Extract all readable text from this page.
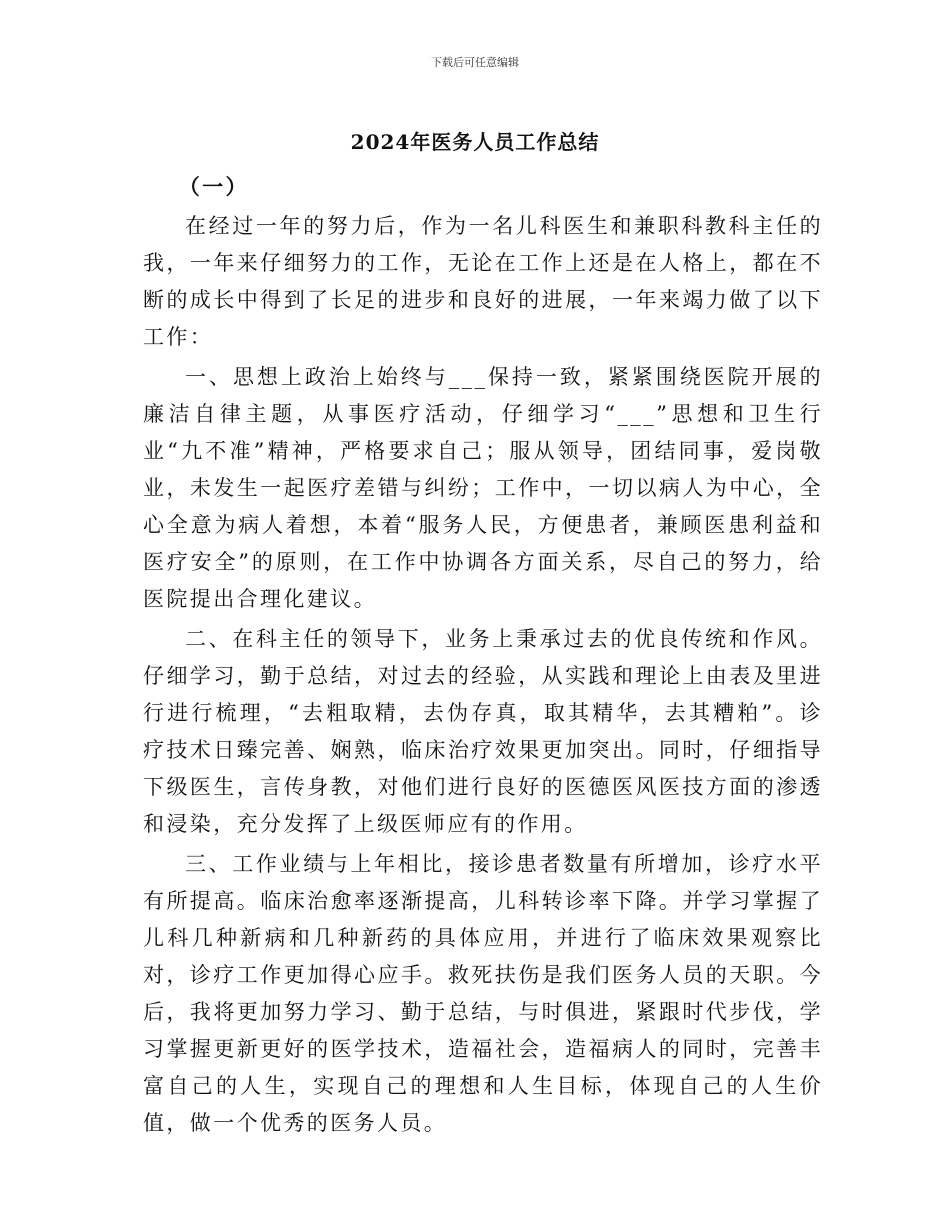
下载后可任意编辑
2024年医务人员工作总结

（一）

在经过一年的努力后，作为一名儿科医生和兼职科教科主任的我，一年来仔细努力的工作，无论在工作上还是在人格上，都在不断的成长中得到了长足的进步和良好的进展，一年来竭力做了以下工作：

一、思想上政治上始终与___保持一致，紧紧围绕医院开展的廉洁自律主题，从事医疗活动，仔细学习“___”思想和卫生行业“九不准”精神，严格要求自己；服从领导，团结同事，爱岗敬业，未发生一起医疗差错与纠纷；工作中，一切以病人为中心，全心全意为病人着想，本着“服务人民，方便患者，兼顾医患利益和医疗安全”的原则，在工作中协调各方面关系，尽自己的努力，给医院提出合理化建议。

二、在科主任的领导下，业务上秉承过去的优良传统和作风。仔细学习，勤于总结，对过去的经验，从实践和理论上由表及里进行进行梳理，“去粗取精，去伪存真，取其精华，去其糟粕”。诊疗技术日臻完善、娴熟，临床治疗效果更加突出。同时，仔细指导下级医生，言传身教，对他们进行良好的医德医风医技方面的渗透和浸染，充分发挥了上级医师应有的作用。

三、工作业绩与上年相比，接诊患者数量有所增加，诊疗水平有所提高。临床治愈率逐渐提高，儿科转诊率下降。并学习掌握了儿科几种新病和几种新药的具体应用，并进行了临床效果观察比对，诊疗工作更加得心应手。救死扶伤是我们医务人员的天职。今后，我将更加努力学习、勤于总结，与时俱进，紧跟时代步伐，学习掌握更新更好的医学技术，造福社会，造福病人的同时，完善丰富自己的人生，实现自己的理想和人生目标，体现自己的人生价值，做一个优秀的医务人员。
